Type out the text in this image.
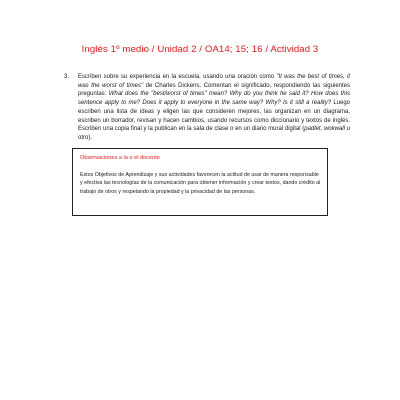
Inglés 1º medio / Unidad 2 / OA14; 15; 16 / Actividad 3
3. Escriben sobre su experiencia en la escuela, usando una oración como "It was the best of times, it was the worst of times" de Charles Dickens. Comentan el significado, respondiendo las siguientes preguntas: What does the "best/worst of times" mean? Why do you think he said it? How does this sentence apply to me? Does it apply to everyone in the same way? Why? Is it still a reality? Luego escriben una lista de ideas y eligen las que consideren mejores, las organizan en un diagrama, escriben un borrador, revisan y hacen cambios, usando recursos como diccionario y textos de inglés. Escriben una copia final y la publican en la sala de clase o en un diario mural digital (padlet, wokwall u otro).
Observaciones a la o el docente
Estos Objetivos de Aprendizaje y sus actividades favorecen la actitud de usar de manera responsable y efectiva las tecnologías de la comunicación para obtener información y crear textos, dando crédito al trabajo de otros y respetando la propiedad y la privacidad de las personas.
